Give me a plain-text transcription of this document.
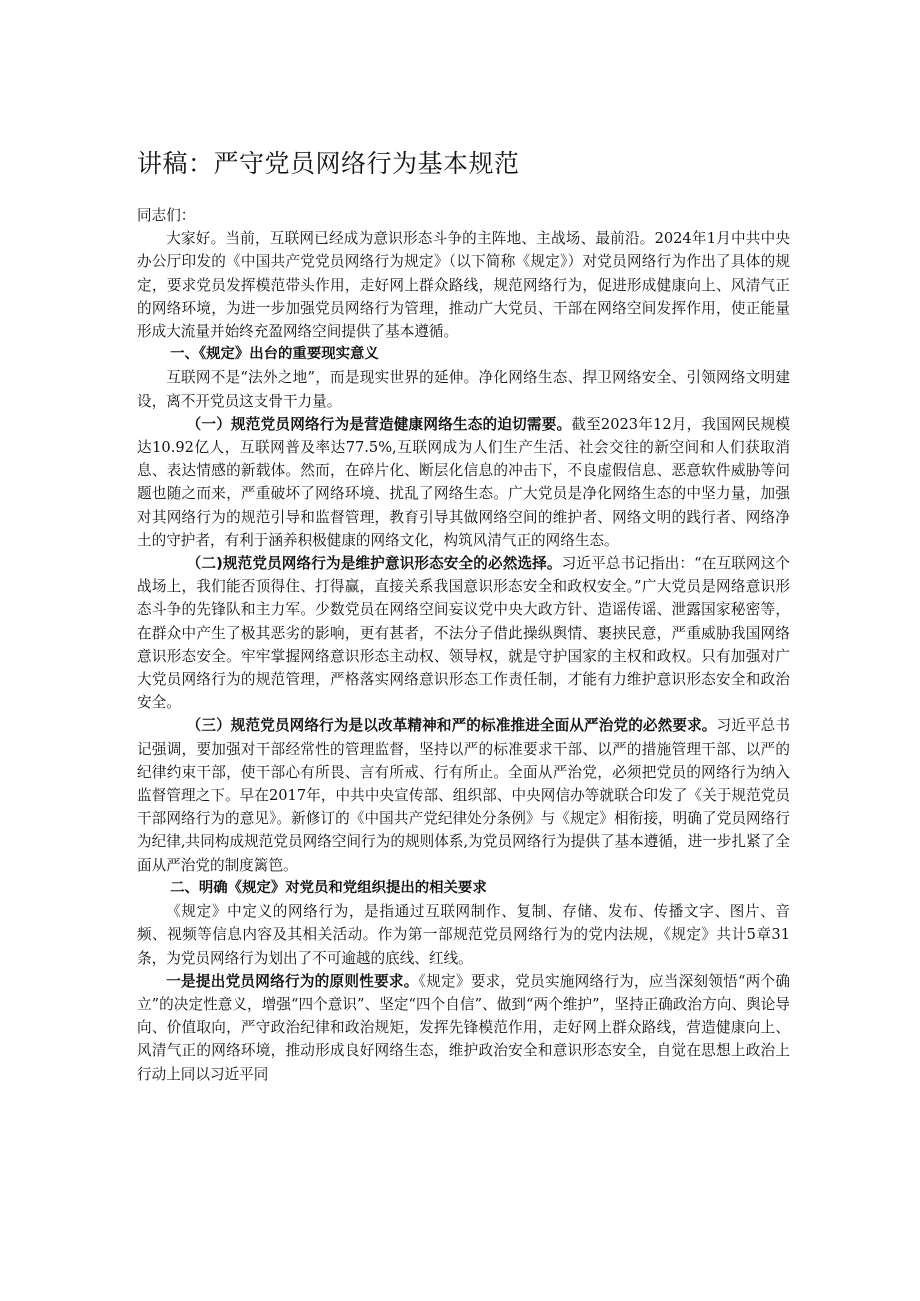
讲稿：严守党员网络行为基本规范

同志们：

大家好。当前，互联网已经成为意识形态斗争的主阵地、主战场、最前沿。2024年1月中共中央办公厅印发的《中国共产党党员网络行为规定》（以下简称《规定》）对党员网络行为作出了具体的规定，要求党员发挥模范带头作用，走好网上群众路线，规范网络行为，促进形成健康向上、风清气正的网络环境，为进一步加强党员网络行为管理，推动广大党员、干部在网络空间发挥作用，使正能量形成大流量并始终充盈网络空间提供了基本遵循。

一、《规定》出台的重要现实意义

互联网不是“法外之地”，而是现实世界的延伸。净化网络生态、捍卫网络安全、引领网络文明建设，离不开党员这支骨干力量。

（一）规范党员网络行为是营造健康网络生态的迫切需要。截至2023年12月，我国网民规模达10.92亿人，互联网普及率达77.5%,互联网成为人们生产生活、社会交往的新空间和人们获取消息、表达情感的新载体。然而，在碎片化、断层化信息的冲击下，不良虚假信息、恶意软件威胁等问题也随之而来，严重破坏了网络环境、扰乱了网络生态。广大党员是净化网络生态的中坚力量，加强对其网络行为的规范引导和监督管理，教育引导其做网络空间的维护者、网络文明的践行者、网络净土的守护者，有利于涵养积极健康的网络文化，构筑风清气正的网络生态。

（二)规范党员网络行为是维护意识形态安全的必然选择。习近平总书记指出：“在互联网这个战场上，我们能否顶得住、打得赢，直接关系我国意识形态安全和政权安全。”广大党员是网络意识形态斗争的先锋队和主力军。少数党员在网络空间妄议党中央大政方针、造谣传谣、泄露国家秘密等，在群众中产生了极其恶劣的影响，更有甚者，不法分子借此操纵舆情、裹挟民意，严重威胁我国网络意识形态安全。牢牢掌握网络意识形态主动权、领导权，就是守护国家的主权和政权。只有加强对广大党员网络行为的规范管理，严格落实网络意识形态工作责任制，才能有力维护意识形态安全和政治安全。

（三）规范党员网络行为是以改革精神和严的标准推进全面从严治党的必然要求。习近平总书记强调，要加强对干部经常性的管理监督，坚持以严的标准要求干部、以严的措施管理干部、以严的纪律约束干部，使干部心有所畏、言有所戒、行有所止。全面从严治党，必须把党员的网络行为纳入监督管理之下。早在2017年，中共中央宣传部、组织部、中央网信办等就联合印发了《关于规范党员干部网络行为的意见》。新修订的《中国共产党纪律处分条例》与《规定》相衔接，明确了党员网络行为纪律,共同构成规范党员网络空间行为的规则体系,为党员网络行为提供了基本遵循，进一步扎紧了全面从严治党的制度篱笆。

二、明确《规定》对党员和党组织提出的相关要求

《规定》中定义的网络行为，是指通过互联网制作、复制、存储、发布、传播文字、图片、音频、视频等信息内容及其相关活动。作为第一部规范党员网络行为的党内法规，《规定》共计5章31条，为党员网络行为划出了不可逾越的底线、红线。

一是提出党员网络行为的原则性要求。《规定》要求，党员实施网络行为，应当深刻领悟“两个确立”的决定性意义，增强“四个意识”、坚定“四个自信”、做到“两个维护”，坚持正确政治方向、舆论导向、价值取向，严守政治纪律和政治规矩，发挥先锋模范作用，走好网上群众路线，营造健康向上、风清气正的网络环境，推动形成良好网络生态，维护政治安全和意识形态安全，自觉在思想上政治上行动上同以习近平同
